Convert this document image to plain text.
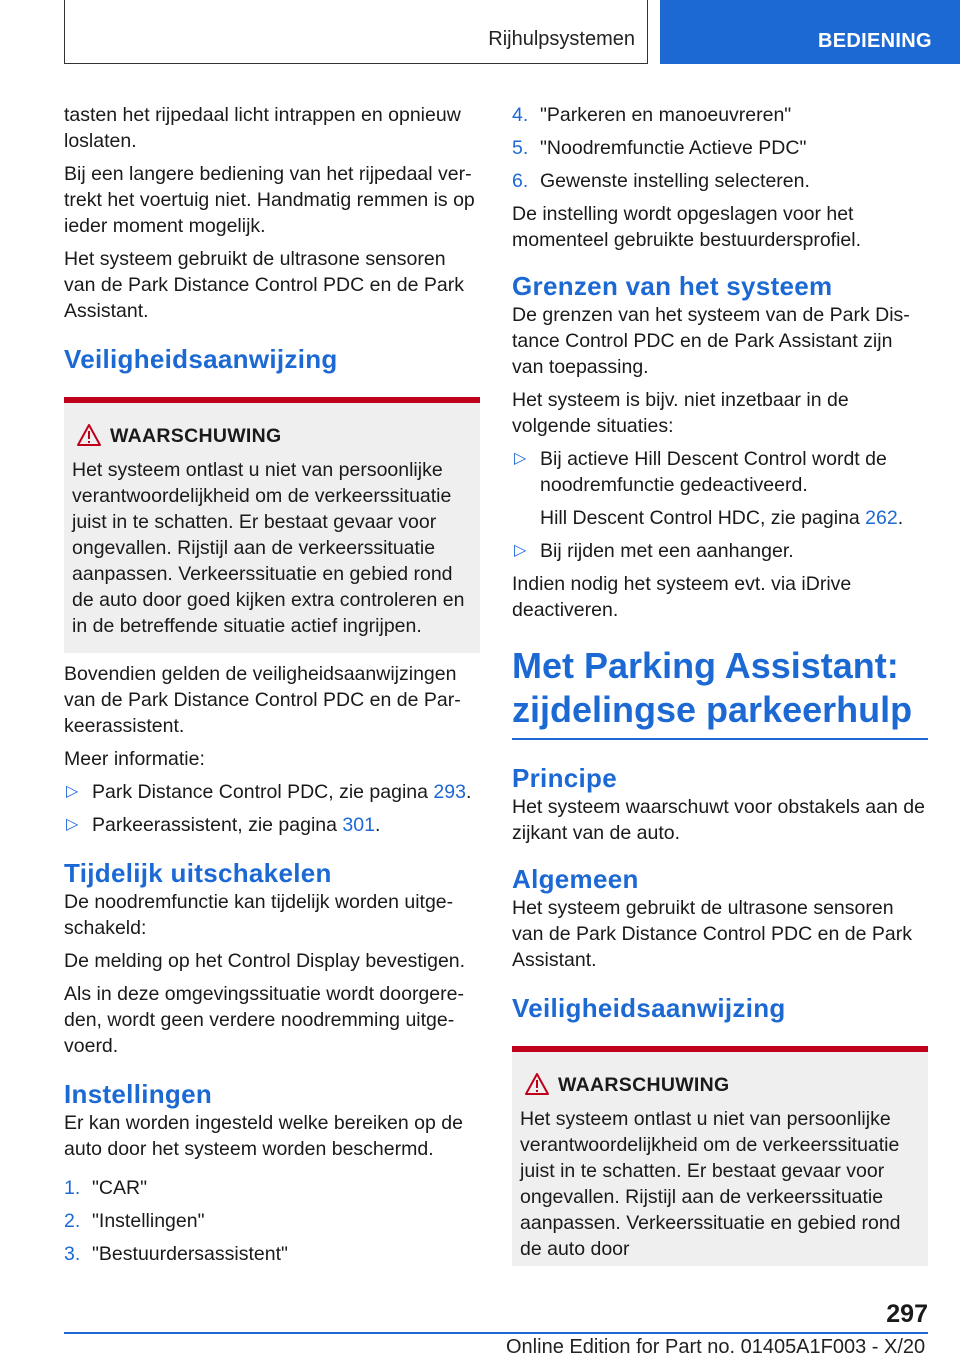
Rijhulpsystemen	BEDIENING

tasten het rijpedaal licht intrappen en opnieuw loslaten.

Bij een langere bediening van het rijpedaal vertrekt het voertuig niet. Handmatig remmen is op ieder moment mogelijk.

Het systeem gebruikt de ultrasone sensoren van de Park Distance Control PDC en de Park Assistant.

Veiligheidsaanwijzing
WAARSCHUWING

Het systeem ontlast u niet van persoonlijke verantwoordelijkheid om de verkeerssituatie juist in te schatten. Er bestaat gevaar voor ongevallen. Rijstijl aan de verkeerssituatie aanpassen. Verkeerssituatie en gebied rond de auto door goed kijken extra controleren en in de betreffende situatie actief ingrijpen.

Bovendien gelden de veiligheidsaanwijzingen van de Park Distance Control PDC en de Parkeerassistent.

Meer informatie:

▷ Park Distance Control PDC, zie pagina 293.
▷ Parkeerassistent, zie pagina 301.
Tijdelijk uitschakelen

De noodremfunctie kan tijdelijk worden uitgeschakeld:

De melding op het Control Display bevestigen.

Als in deze omgevingssituatie wordt doorgereden, wordt geen verdere noodremming uitgevoerd.

Instellingen

Er kan worden ingesteld welke bereiken op de auto door het systeem worden beschermd.

1. "CAR"
2. "Instellingen"
3. "Bestuurdersassistent"
4. "Parkeren en manoeuvreren"
5. "Noodremfunctie Actieve PDC"
6. Gewenste instelling selecteren.

De instelling wordt opgeslagen voor het momenteel gebruikte bestuurdersprofiel.

Grenzen van het systeem

De grenzen van het systeem van de Park Distance Control PDC en de Park Assistant zijn van toepassing.

Het systeem is bijv. niet inzetbaar in de volgende situaties:

▷ Bij actieve Hill Descent Control wordt de noodremfunctie gedeactiveerd.
Hill Descent Control HDC, zie pagina 262.
▷ Bij rijden met een aanhanger.

Indien nodig het systeem evt. via iDrive deactiveren.

Met Parking Assistant: zijdelingse parkeerhulp
Principe

Het systeem waarschuwt voor obstakels aan de zijkant van de auto.

Algemeen

Het systeem gebruikt de ultrasone sensoren van de Park Distance Control PDC en de Park Assistant.

Veiligheidsaanwijzing
WAARSCHUWING

Het systeem ontlast u niet van persoonlijke verantwoordelijkheid om de verkeerssituatie juist in te schatten. Er bestaat gevaar voor ongevallen. Rijstijl aan de verkeerssituatie aanpassen. Verkeerssituatie en gebied rond de auto door

297
Online Edition for Part no. 01405A1F003 - X/20
